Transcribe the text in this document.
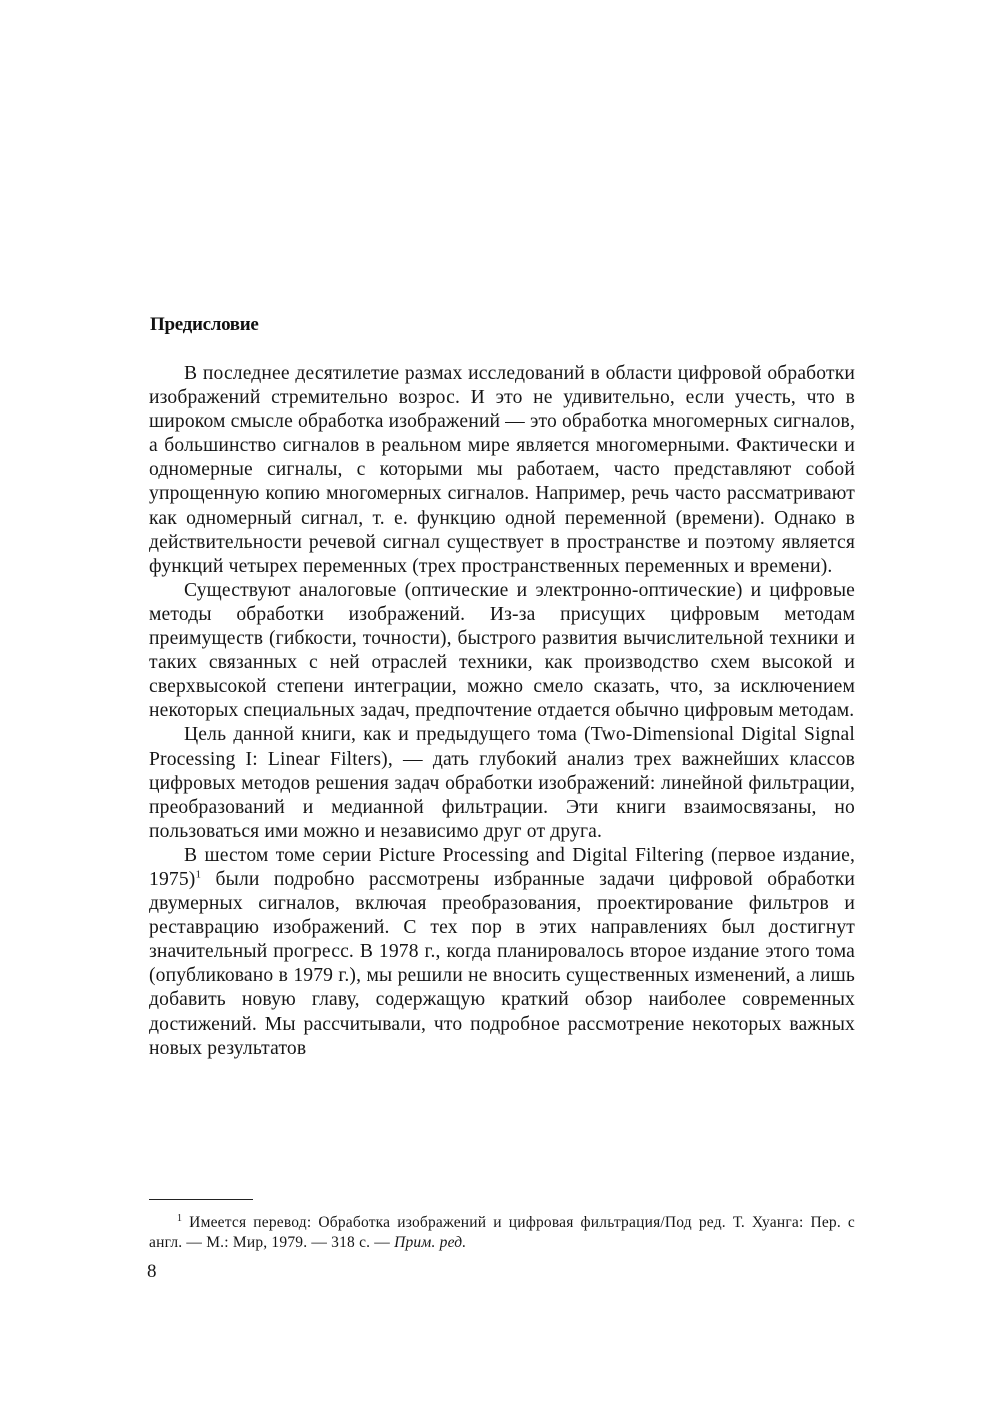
Предисловие

В последнее десятилетие размах исследований в области цифровой обработки изображений стремительно возрос. И это не удивительно, если учесть, что в широком смысле обработка изображений — это обработка многомерных сигналов, а большинство сигналов в реальном мире является многомерными. Фактически и одномерные сигналы, с которыми мы работаем, часто представляют собой упрощенную копию многомерных сигналов. Например, речь часто рассматривают как одномерный сигнал, т. е. функцию одной переменной (времени). Однако в действительности речевой сигнал существует в пространстве и поэтому является функций четырех переменных (трех пространственных переменных и времени).

Существуют аналоговые (оптические и электронно-оптические) и цифровые методы обработки изображений. Из-за присущих цифровым методам преимуществ (гибкости, точности), быстрого развития вычислительной техники и таких связанных с ней отраслей техники, как производство схем высокой и сверхвысокой степени интеграции, можно смело сказать, что, за исключением некоторых специальных задач, предпочтение отдается обычно цифровым методам.

Цель данной книги, как и предыдущего тома (Two-Dimensional Digital Signal Processing I: Linear Filters), — дать глубокий анализ трех важнейших классов цифровых методов решения задач обработки изображений: линейной фильтрации, преобразований и медианной фильтрации. Эти книги взаимосвязаны, но пользоваться ими можно и независимо друг от друга.

В шестом томе серии Picture Processing and Digital Filtering (первое издание, 1975)$^1$ были подробно рассмотрены избранные задачи цифровой обработки двумерных сигналов, включая преобразования, проектирование фильтров и реставрацию изображений. С тех пор в этих направлениях был достигнут значительный прогресс. В 1978 г., когда планировалось второе издание этого тома (опубликовано в 1979 г.), мы решили не вносить существенных изменений, а лишь добавить новую главу, содержащую краткий обзор наиболее современных достижений. Мы рассчитывали, что подробное рассмотрение некоторых важных новых результатов

$^1$ Имеется перевод: Обработка изображений и цифровая фильтрация/Под ред. Т. Хуанга: Пер. с англ. — М.: Мир, 1979. — 318 с. — Прим. ред.

8
